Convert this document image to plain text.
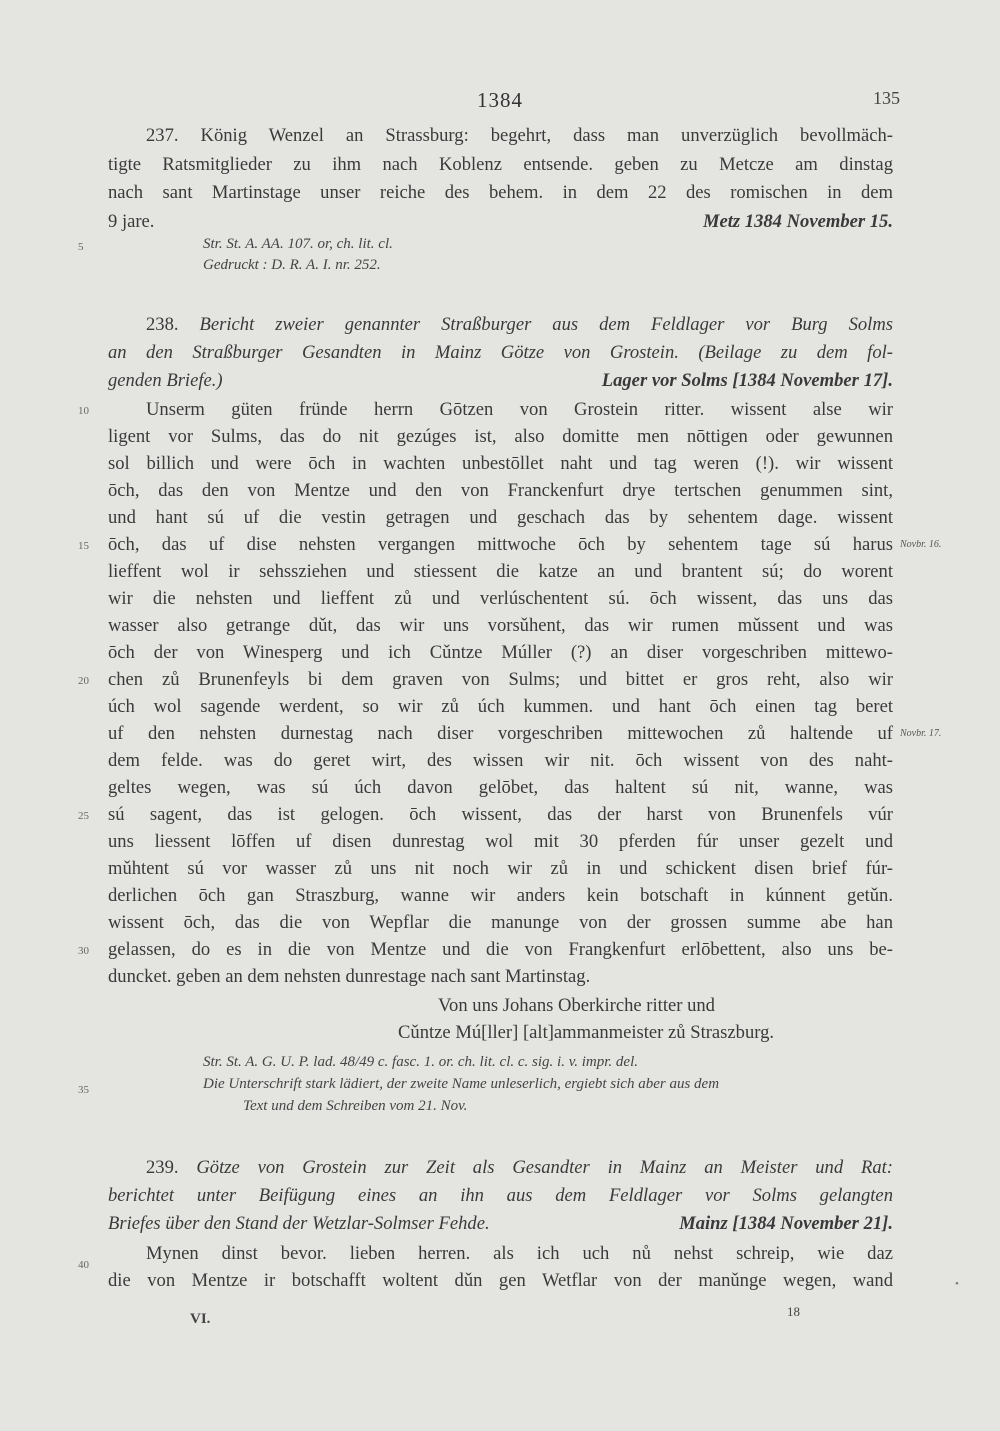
1384	135
237. König Wenzel an Strassburg: begehrt, dass man unverzüglich bevollmäch-
tigte Ratsmitglieder zu ihm nach Koblenz entsende. geben zu Metcze am dinstag
nach sant Martinstage unser reiche des behem. in dem 22 des romischen in dem
9 jare.	Metz 1384 November 15.
Str. St. A. AA. 107. or, ch. lit. cl.
Gedruckt : D. R. A. I. nr. 252.
238. Bericht zweier genannter Straßburger aus dem Feldlager vor Burg Solms
an den Straßburger Gesandten in Mainz Götze von Grostein. (Beilage zu dem fol-
genden Briefe.)	Lager vor Solms [1384 November 17].
Unserm güten fründe herrn Gōtzen von Grostein ritter. wissent alse wir
ligent vor Sulms, das do nit gezúges ist, also domitte men nōttigen oder gewunnen
sol billich und were ōch in wachten unbestōllet naht und tag weren (!). wir wissent
ōch, das den von Mentze und den von Franckenfurt drye tertschen genummen sint,
und hant sú uf die vestin getragen und geschach das by sehentem dage. wissent
ōch, das uf dise nehsten vergangen mittwoche ōch by sehentem tage sú harus
lieffent wol ir sehssziehen und stiessent die katze an und brantent sú; do worent
wir die nehsten und lieffent zů und verlúschentent sú. ōch wissent, das uns das
wasser also getrange dǔt, das wir uns vorsǔhent, das wir rumen mǔssent und was
ōch der von Winesperg und ich Cǔntze Múller (?) an diser vorgeschriben mittewo-
chen zů Brunenfeyls bi dem graven von Sulms; und bittet er gros reht, also wir
úch wol sagende werdent, so wir zů úch kummen. und hant ōch einen tag beret
uf den nehsten durnestag nach diser vorgeschriben mittewochen zů haltende uf
dem felde. was do geret wirt, des wissen wir nit. ōch wissent von des naht-
geltes wegen, was sú úch davon gelōbet, das haltent sú nit, wanne, was
sú sagent, das ist gelogen. ōch wissent, das der harst von Brunenfels vúr
uns liessent lōffen uf disen dunrestag wol mit 30 pferden fúr unser gezelt und
mǔhtent sú vor wasser zů uns nit noch wir zů in und schickent disen brief fúr-
derlichen ōch gan Straszburg, wanne wir anders kein botschaft in kúnnent getǔn.
wissent ōch, das die von Wepflar die manunge von der grossen summe abe han
gelassen, do es in die von Mentze und die von Frangkenfurt erlōbettent, also uns be-
duncket. geben an dem nehsten dunrestage nach sant Martinstag.
Von uns Johans Oberkirche ritter und
Cǔntze Mú[ller] [alt]ammanmeister zů Straszburg.
Str. St. A. G. U. P. lad. 48/49 c. fasc. 1. or. ch. lit. cl. c. sig. i. v. impr. del.
Die Unterschrift stark lädiert, der zweite Name unleserlich, ergiebt sich aber aus dem
Text und dem Schreiben vom 21. Nov.
Novbr. 16.
Novbr. 17.
239. Götze von Grostein zur Zeit als Gesandter in Mainz an Meister und Rat:
berichtet unter Beifügung eines an ihn aus dem Feldlager vor Solms gelangten
Briefes über den Stand der Wetzlar-Solmser Fehde.	Mainz [1384 November 21].
Mynen dinst bevor. lieben herren. als ich uch nů nehst schreip, wie daz
die von Mentze ir botschafft woltent dǔn gen Wetflar von der manǔnge wegen, wand
5
10
15
20
25
30
35
40
VI.	18
•
